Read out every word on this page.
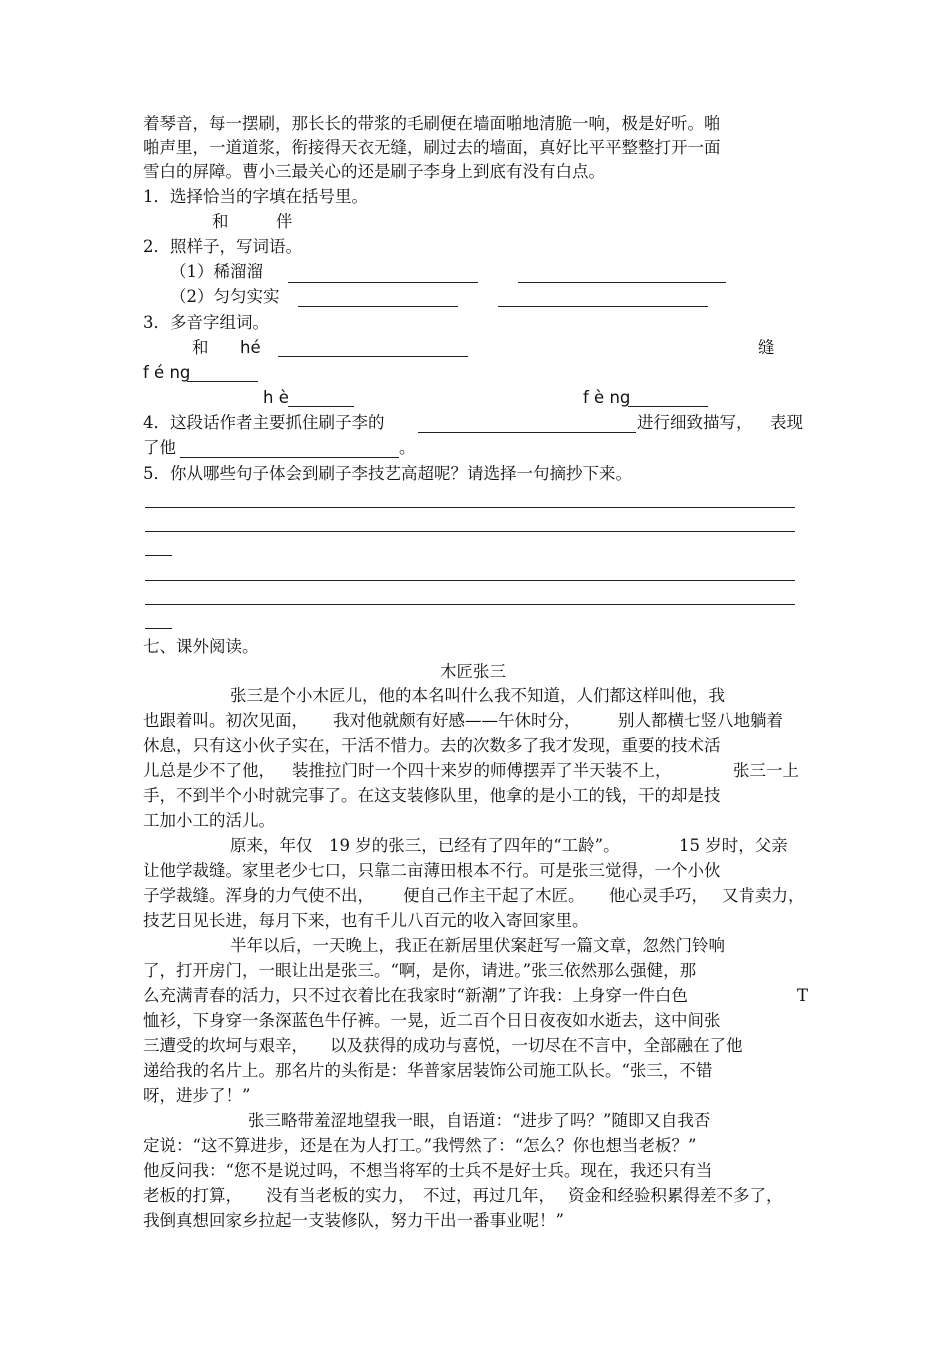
着琴音，每一摆刷，那长长的带浆的毛刷便在墙面啪地清脆一响，极是好听。啪
啪声里，一道道浆，衔接得天衣无缝，刷过去的墙面，真好比平平整整打开一面
雪白的屏障。曹小三最关心的还是刷子李身上到底有没有白点。
1．选择恰当的字填在括号里。
和	伴
2．照样子，写词语。
（1）稀溜溜
（2）匀匀实实
3．多音字组词。
和 hé	缝
f é ng
h è	f è ng
4．这段话作者主要抓住刷子李的	进行细致描写， 表现
了他	。
5．你从哪些句子体会到刷子李技艺高超呢？请选择一句摘抄下来。
七、课外阅读。
木匠张三
张三是个小木匠儿，他的本名叫什么我不知道，人们都这样叫他，我
也跟着叫。初次见面， 我对他就颇有好感——午休时分， 别人都横七竖八地躺着
休息，只有这小伙子实在，干活不惜力。去的次数多了我才发现，重要的技术活
儿总是少不了他， 装推拉门时一个四十来岁的师傅摆弄了半天装不上，	张三一上
手，不到半个小时就完事了。在这支装修队里，他拿的是小工的钱，干的却是技
工加小工的活儿。
原来，年仅 19 岁的张三，已经有了四年的“工龄”。	15 岁时，父亲
让他学裁缝。家里老少七口，只靠二亩薄田根本不行。可是张三觉得，一个小伙
子学裁缝。浑身的力气使不出， 便自己作主干起了木匠。 他心灵手巧， 又肯卖力，
技艺日见长进，每月下来，也有千儿八百元的收入寄回家里。
半年以后，一天晚上，我正在新居里伏案赶写一篇文章，忽然门铃响
了，打开房门，一眼让出是张三。“啊，是你，请进。”张三依然那么强健，那
么充满青春的活力，只不过衣着比在我家时“新潮”了许我：上身穿一件白色	T
恤衫，下身穿一条深蓝色牛仔裤。一晃，近二百个日日夜夜如水逝去，这中间张
三遭受的坎坷与艰辛， 以及获得的成功与喜悦，一切尽在不言中，全部融在了他
递给我的名片上。那名片的头衔是：华普家居装饰公司施工队长。“张三，不错
呀，进步了！”
张三略带羞涩地望我一眼，自语道：“进步了吗？”随即又自我否
定说：“这不算进步，还是在为人打工。”我愕然了：“怎么？你也想当老板？”
他反问我：“您不是说过吗，不想当将军的士兵不是好士兵。现在，我还只有当
老板的打算， 没有当老板的实力， 不过，再过几年， 资金和经验积累得差不多了，
我倒真想回家乡拉起一支装修队，努力干出一番事业呢！”
